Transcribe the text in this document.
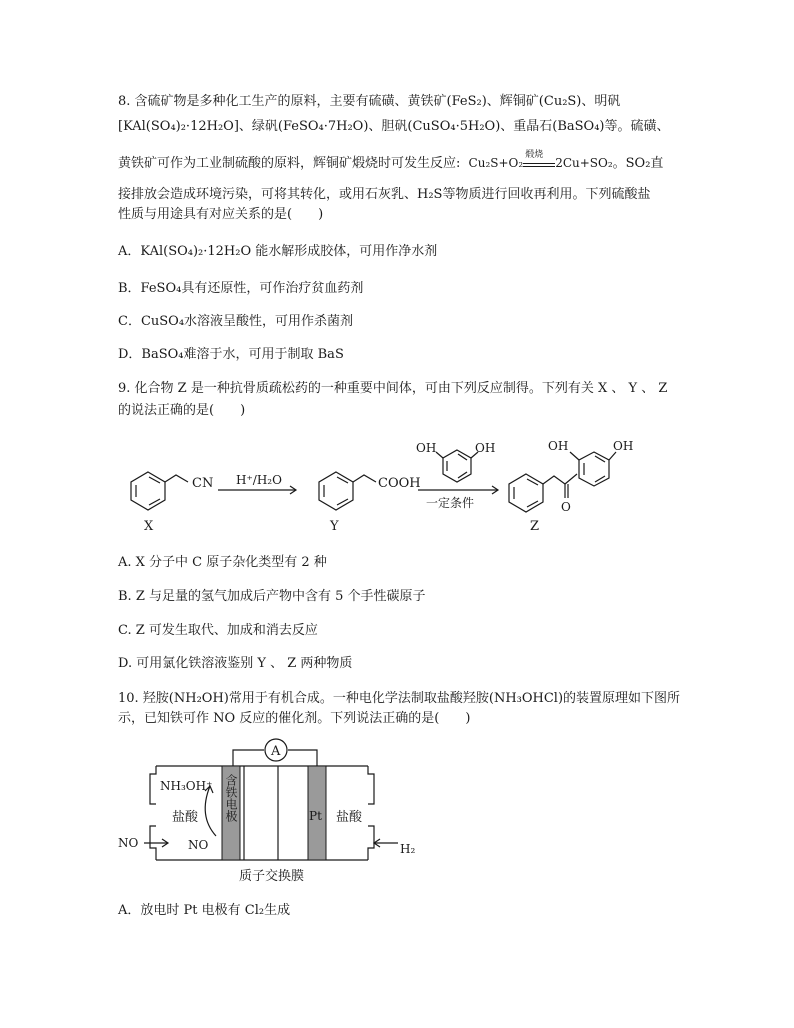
8. 含硫矿物是多种化工生产的原料，主要有硫磺、黄铁矿(FeS₂)、辉铜矿(Cu₂S)、明矾
[KAl(SO₄)₂·12H₂O]、绿矾(FeSO₄·7H₂O)、胆矾(CuSO₄·5H₂O)、重晶石(BaSO₄)等。硫磺、
黄铁矿可作为工业制硫酸的原料，辉铜矿煅烧时可发生反应: Cu₂S+O₂
煅烧
2Cu+SO₂。SO₂直
接排放会造成环境污染，可将其转化，或用石灰乳、H₂S等物质进行回收再利用。下列硫酸盐
性质与用途具有对应关系的是(　　)
A．KAl(SO₄)₂·12H₂O 能水解形成胶体，可用作净水剂
B．FeSO₄具有还原性，可作治疗贫血药剂
C．CuSO₄水溶液呈酸性，可用作杀菌剂
D．BaSO₄难溶于水，可用于制取 BaS
9. 化合物 Z 是一种抗骨质疏松药的一种重要中间体，可由下列反应制得。下列有关 X 、 Y 、 Z
的说法正确的是(　　)
CN H⁺/H₂O	COOH
一定条件
OH	OH	OH	OH
O
X	Y	Z
A. X 分子中 C 原子杂化类型有 2 种
B. Z 与足量的氢气加成后产物中含有 5 个手性碳原子
C. Z 可发生取代、加成和消去反应
D. 可用氯化铁溶液鉴别 Y 、 Z 两种物质
10. 羟胺(NH₂OH)常用于有机合成。一种电化学法制取盐酸羟胺(NH₃OHCl)的装置原理如下图所
示，已知铁可作 NO 反应的催化剂。下列说法正确的是(　　)
A
NH₃OH⁺
盐酸
NO
NO
含铁电极	Pt 盐酸
H₂
质子交换膜
A．放电时 Pt 电极有 Cl₂生成
